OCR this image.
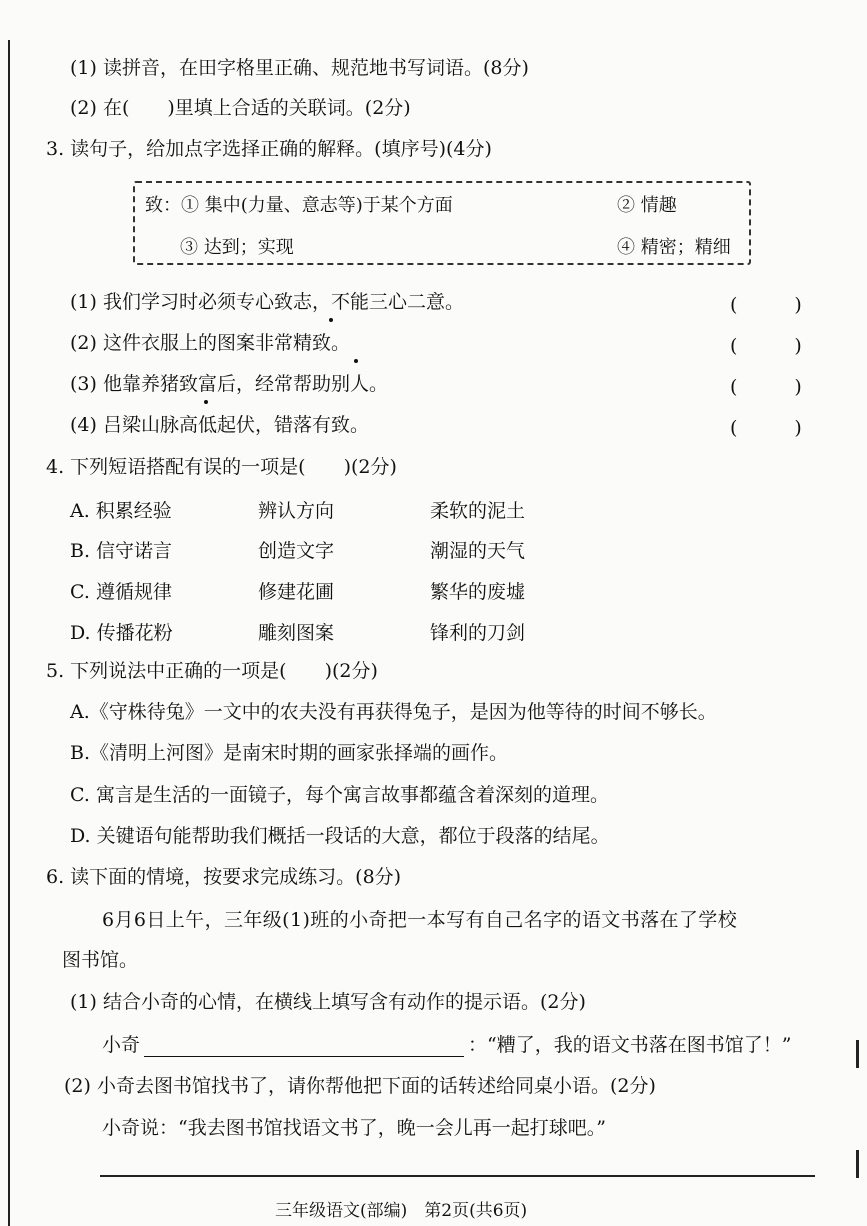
(1) 读拼音，在田字格里正确、规范地书写词语。(8分)
(2) 在(　　)里填上合适的关联词。(2分)
3. 读句子，给加点字选择正确的解释。(填序号)(4分)
致：① 集中(力量、意志等)于某个方面	② 情趣
③ 达到；实现	④ 精密；精细
(1) 我们学习时必须专心致志，不能三心二意。	(　　　)
(2) 这件衣服上的图案非常精致。	(　　　)
(3) 他靠养猪致富后，经常帮助别人。	(　　　)
(4) 吕梁山脉高低起伏，错落有致。	(　　　)
4. 下列短语搭配有误的一项是(　　)(2分)
A. 积累经验	辨认方向	柔软的泥土
B. 信守诺言	创造文字	潮湿的天气
C. 遵循规律	修建花圃	繁华的废墟
D. 传播花粉	雕刻图案	锋利的刀剑
5. 下列说法中正确的一项是(　　)(2分)
A.《守株待兔》一文中的农夫没有再获得兔子，是因为他等待的时间不够长。
B.《清明上河图》是南宋时期的画家张择端的画作。
C. 寓言是生活的一面镜子，每个寓言故事都蕴含着深刻的道理。
D. 关键语句能帮助我们概括一段话的大意，都位于段落的结尾。
6. 读下面的情境，按要求完成练习。(8分)
6月6日上午，三年级(1)班的小奇把一本写有自己名字的语文书落在了学校
图书馆。
(1) 结合小奇的心情，在横线上填写含有动作的提示语。(2分)
小奇	：“糟了，我的语文书落在图书馆了！”
(2) 小奇去图书馆找书了，请你帮他把下面的话转述给同桌小语。(2分)
小奇说：“我去图书馆找语文书了，晚一会儿再一起打球吧。”
三年级语文(部编)　第2页(共6页)
